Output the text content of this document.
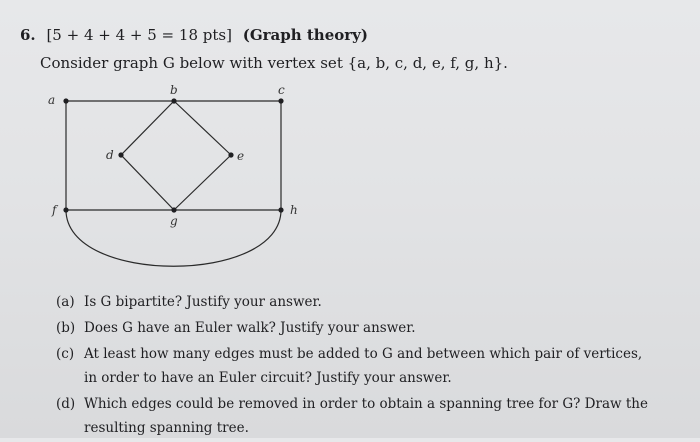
6. [5 + 4 + 4 + 5 = 18 pts] (Graph theory)
Consider graph G below with vertex set {a, b, c, d, e, f, g, h}.
a
b	c
d	e
f
g
h
(a) Is G bipartite? Justify your answer.
(b) Does G have an Euler walk? Justify your answer.
(c) At least how many edges must be added to G and between which pair of vertices, in order to have an Euler circuit? Justify your answer.
(d) Which edges could be removed in order to obtain a spanning tree for G? Draw the resulting spanning tree.
